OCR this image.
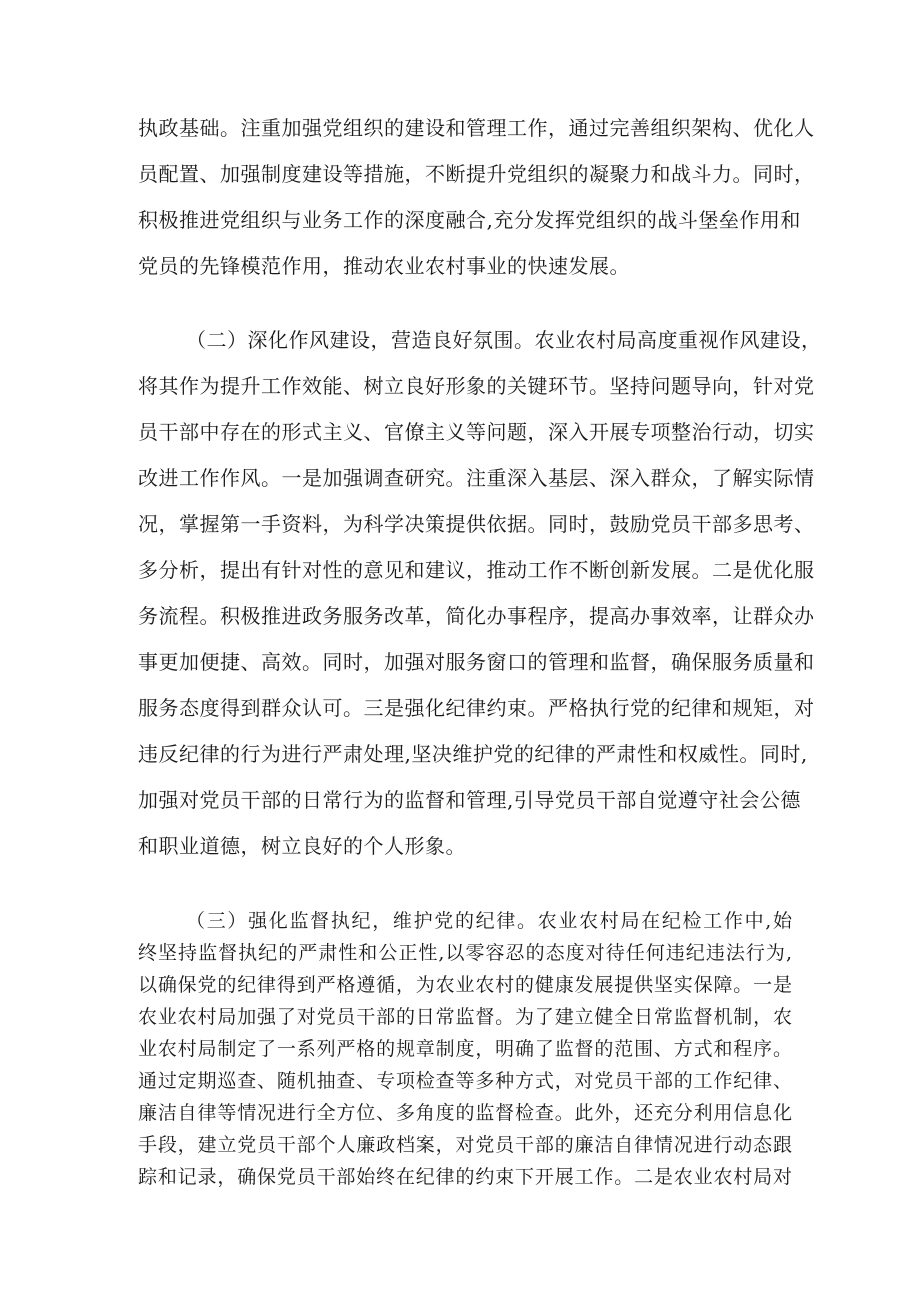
执政基础。注重加强党组织的建设和管理工作，通过完善组织架构、优化人
员配置、加强制度建设等措施，不断提升党组织的凝聚力和战斗力。同时，
积极推进党组织与业务工作的深度融合,充分发挥党组织的战斗堡垒作用和
党员的先锋模范作用，推动农业农村事业的快速发展。
（二）深化作风建设，营造良好氛围。农业农村局高度重视作风建设，
将其作为提升工作效能、树立良好形象的关键环节。坚持问题导向，针对党
员干部中存在的形式主义、官僚主义等问题，深入开展专项整治行动，切实
改进工作作风。一是加强调查研究。注重深入基层、深入群众，了解实际情
况，掌握第一手资料，为科学决策提供依据。同时，鼓励党员干部多思考、
多分析，提出有针对性的意见和建议，推动工作不断创新发展。二是优化服
务流程。积极推进政务服务改革，简化办事程序，提高办事效率，让群众办
事更加便捷、高效。同时，加强对服务窗口的管理和监督，确保服务质量和
服务态度得到群众认可。三是强化纪律约束。严格执行党的纪律和规矩，对
违反纪律的行为进行严肃处理,坚决维护党的纪律的严肃性和权威性。同时,
加强对党员干部的日常行为的监督和管理,引导党员干部自觉遵守社会公德
和职业道德，树立良好的个人形象。
（三）强化监督执纪，维护党的纪律。农业农村局在纪检工作中,始
终坚持监督执纪的严肃性和公正性,以零容忍的态度对待任何违纪违法行为,
以确保党的纪律得到严格遵循，为农业农村的健康发展提供坚实保障。一是
农业农村局加强了对党员干部的日常监督。为了建立健全日常监督机制，农
业农村局制定了一系列严格的规章制度，明确了监督的范围、方式和程序。
通过定期巡查、随机抽查、专项检查等多种方式，对党员干部的工作纪律、
廉洁自律等情况进行全方位、多角度的监督检查。此外，还充分利用信息化
手段，建立党员干部个人廉政档案，对党员干部的廉洁自律情况进行动态跟
踪和记录，确保党员干部始终在纪律的约束下开展工作。二是农业农村局对
